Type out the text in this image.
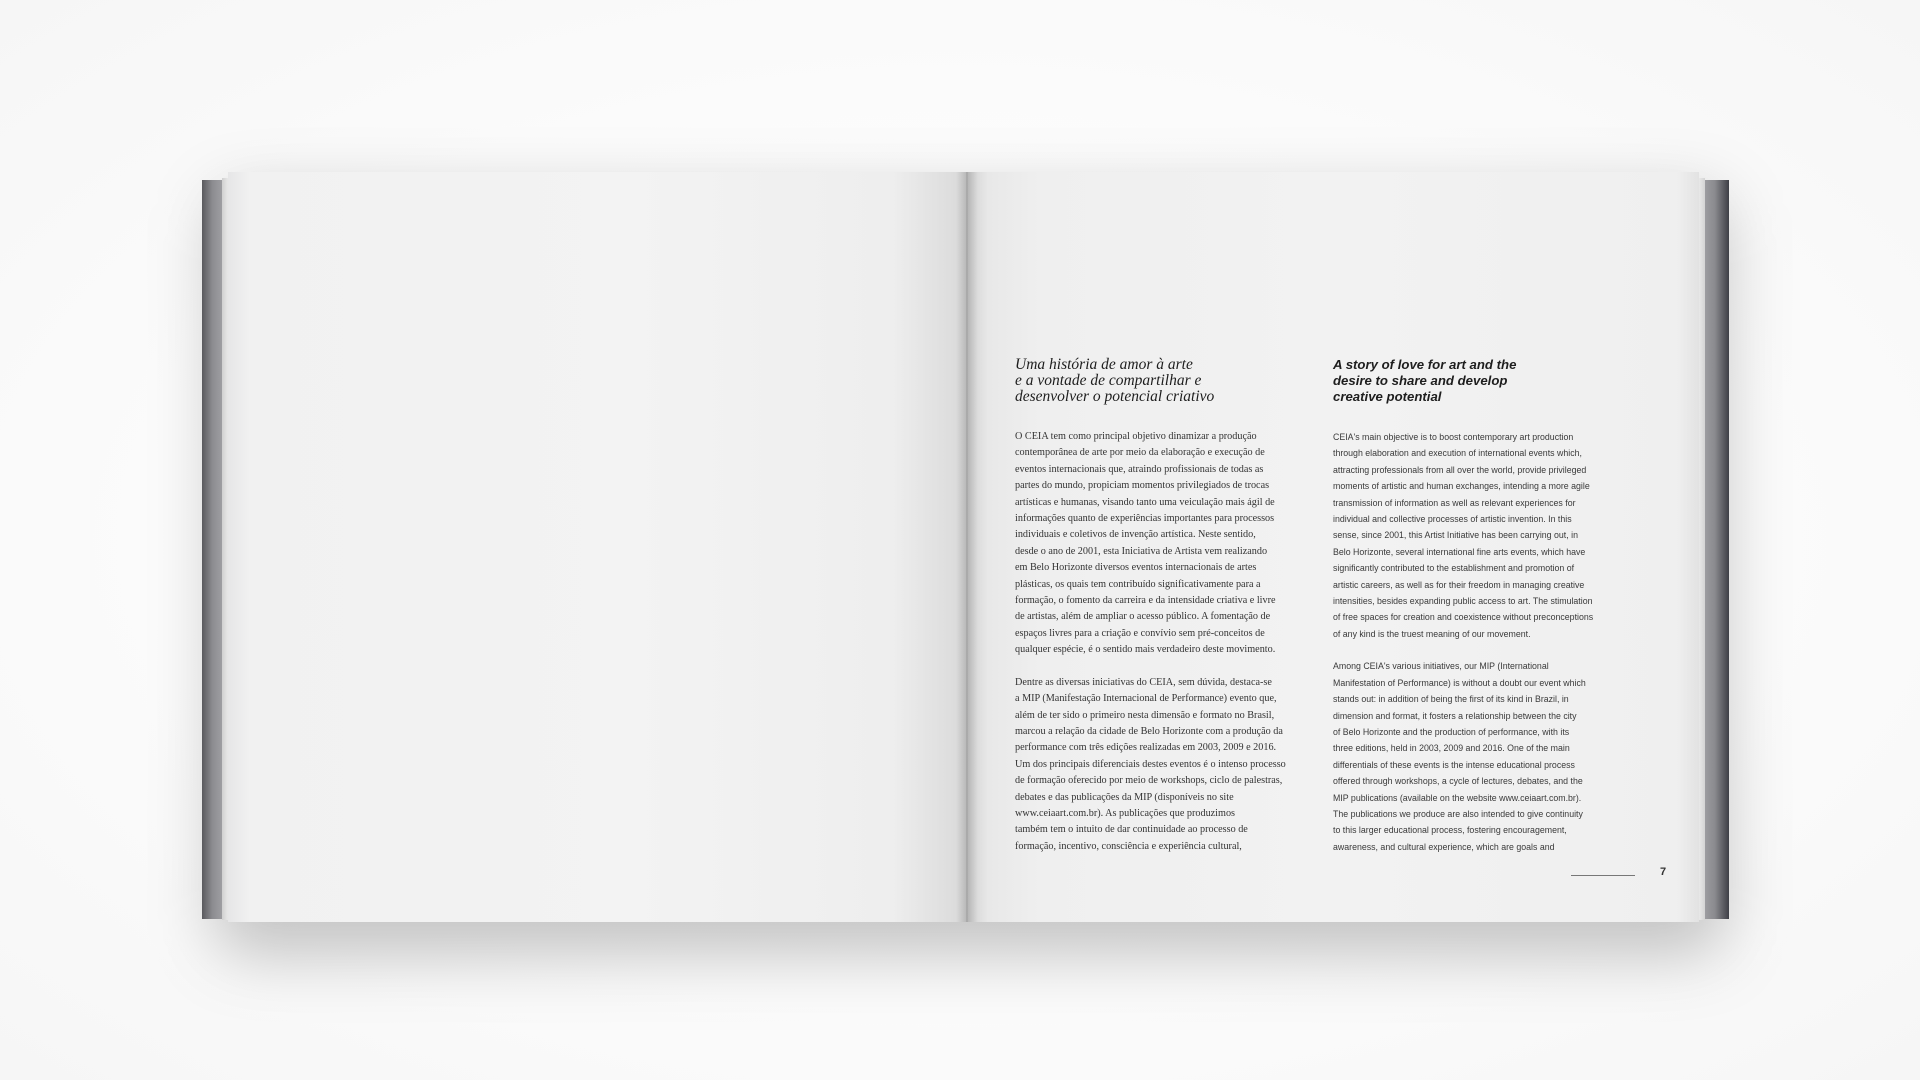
Uma história de amor à arte
e a vontade de compartilhar e
desenvolver o potencial criativo
O CEIA tem como principal objetivo dinamizar a produção
contemporânea de arte por meio da elaboração e execução de
eventos internacionais que, atraindo profissionais de todas as
partes do mundo, propiciam momentos privilegiados de trocas
artísticas e humanas, visando tanto uma veiculação mais ágil de
informações quanto de experiências importantes para processos
individuais e coletivos de invenção artística. Neste sentido,
desde o ano de 2001, esta Iniciativa de Artista vem realizando
em Belo Horizonte diversos eventos internacionais de artes
plásticas, os quais tem contribuído significativamente para a
formação, o fomento da carreira e da intensidade criativa e livre
de artistas, além de ampliar o acesso público. A fomentação de
espaços livres para a criação e convívio sem pré-conceitos de
qualquer espécie, é o sentido mais verdadeiro deste movimento.
Dentre as diversas iniciativas do CEIA, sem dúvida, destaca-se
a MIP (Manifestação Internacional de Performance) evento que,
além de ter sido o primeiro nesta dimensão e formato no Brasil,
marcou a relação da cidade de Belo Horizonte com a produção da
performance com três edições realizadas em 2003, 2009 e 2016.
Um dos principais diferenciais destes eventos é o intenso processo
de formação oferecido por meio de workshops, ciclo de palestras,
debates e das publicações da MIP (disponíveis no site
www.ceiaart.com.br). As publicações que produzimos
também tem o intuito de dar continuidade ao processo de
formação, incentivo, consciência e experiência cultural,
A story of love for art and the
desire to share and develop
creative potential
CEIA's main objective is to boost contemporary art production
through elaboration and execution of international events which,
attracting professionals from all over the world, provide privileged
moments of artistic and human exchanges, intending a more agile
transmission of information as well as relevant experiences for
individual and collective processes of artistic invention. In this
sense, since 2001, this Artist Initiative has been carrying out, in
Belo Horizonte, several international fine arts events, which have
significantly contributed to the establishment and promotion of
artistic careers, as well as for their freedom in managing creative
intensities, besides expanding public access to art. The stimulation
of free spaces for creation and coexistence without preconceptions
of any kind is the truest meaning of our movement.
Among CEIA's various initiatives, our MIP (International
Manifestation of Performance) is without a doubt our event which
stands out: in addition of being the first of its kind in Brazil, in
dimension and format, it fosters a relationship between the city
of Belo Horizonte and the production of performance, with its
three editions, held in 2003, 2009 and 2016. One of the main
differentials of these events is the intense educational process
offered through workshops, a cycle of lectures, debates, and the
MIP publications (available on the website www.ceiaart.com.br).
The publications we produce are also intended to give continuity
to this larger educational process, fostering encouragement,
awareness, and cultural experience, which are goals and
7
